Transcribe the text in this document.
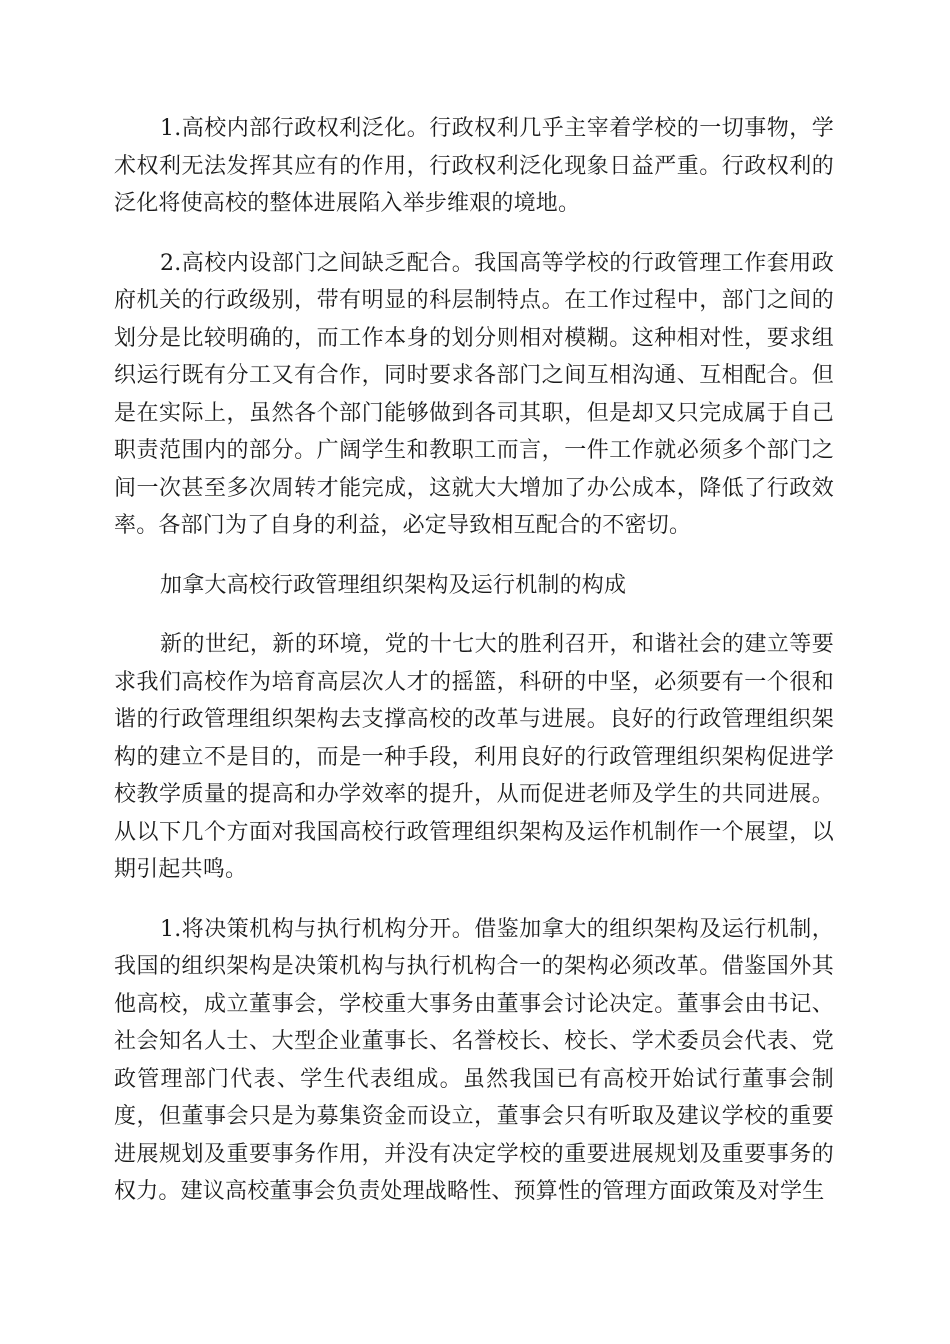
1.高校内部行政权利泛化。行政权利几乎主宰着学校的一切事物，学术权利无法发挥其应有的作用，行政权利泛化现象日益严重。行政权利的泛化将使高校的整体进展陷入举步维艰的境地。

2.高校内设部门之间缺乏配合。我国高等学校的行政管理工作套用政府机关的行政级别，带有明显的科层制特点。在工作过程中，部门之间的划分是比较明确的，而工作本身的划分则相对模糊。这种相对性，要求组织运行既有分工又有合作，同时要求各部门之间互相沟通、互相配合。但是在实际上，虽然各个部门能够做到各司其职，但是却又只完成属于自己职责范围内的部分。广阔学生和教职工而言，一件工作就必须多个部门之间一次甚至多次周转才能完成，这就大大增加了办公成本，降低了行政效率。各部门为了自身的利益，必定导致相互配合的不密切。

加拿大高校行政管理组织架构及运行机制的构成

新的世纪，新的环境，党的十七大的胜利召开，和谐社会的建立等要求我们高校作为培育高层次人才的摇篮，科研的中坚，必须要有一个很和谐的行政管理组织架构去支撑高校的改革与进展。良好的行政管理组织架构的建立不是目的，而是一种手段，利用良好的行政管理组织架构促进学校教学质量的提高和办学效率的提升，从而促进老师及学生的共同进展。从以下几个方面对我国高校行政管理组织架构及运作机制作一个展望，以期引起共鸣。

1.将决策机构与执行机构分开。借鉴加拿大的组织架构及运行机制，我国的组织架构是决策机构与执行机构合一的架构必须改革。借鉴国外其他高校，成立董事会，学校重大事务由董事会讨论决定。董事会由书记、社会知名人士、大型企业董事长、名誉校长、校长、学术委员会代表、党政管理部门代表、学生代表组成。虽然我国已有高校开始试行董事会制度，但董事会只是为募集资金而设立，董事会只有听取及建议学校的重要进展规划及重要事务作用，并没有决定学校的重要进展规划及重要事务的权力。建议高校董事会负责处理战略性、预算性的管理方面政策及对学生
